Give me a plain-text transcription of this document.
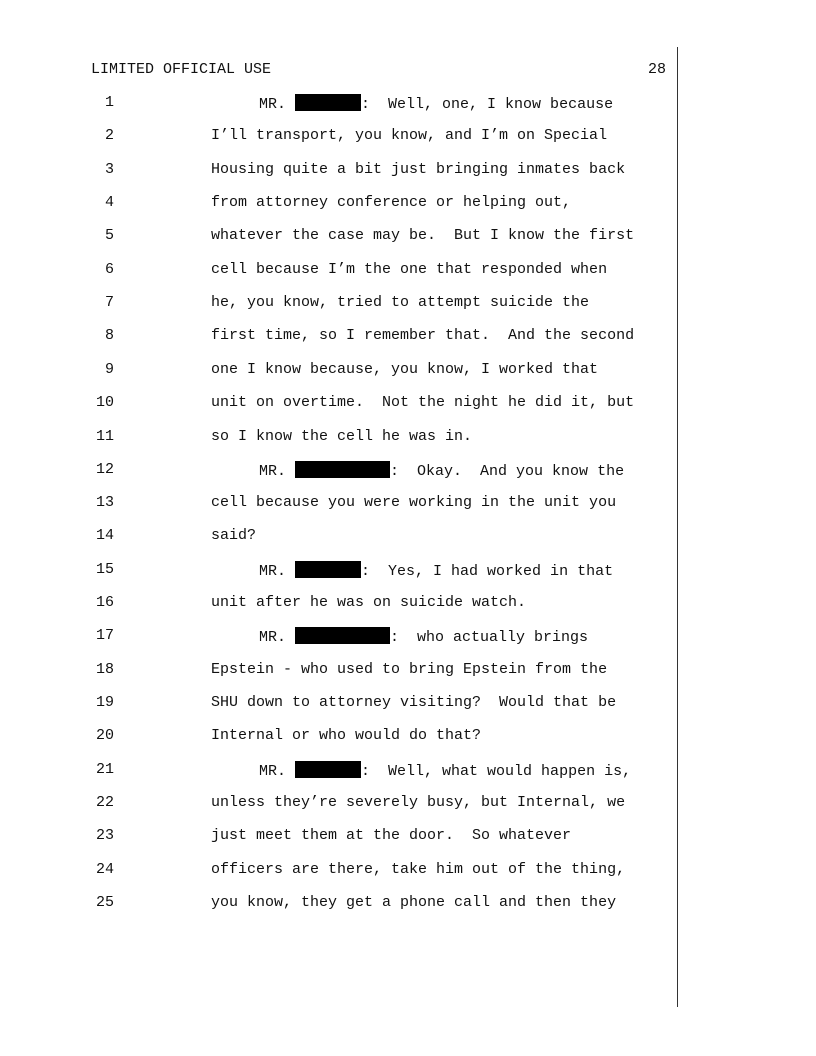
LIMITED OFFICIAL USE	28
1	MR.	:  Well, one, I know because
2	I’ll transport, you know, and I’m on Special
3	Housing quite a bit just bringing inmates back
4	from attorney conference or helping out,
5	whatever the case may be.  But I know the first
6	cell because I’m the one that responded when
7	he, you know, tried to attempt suicide the
8	first time, so I remember that.  And the second
9	one I know because, you know, I worked that
10	unit on overtime.  Not the night he did it, but
11	so I know the cell he was in.
12	MR.	:  Okay.  And you know the
13	cell because you were working in the unit you
14	said?
15	MR.	:  Yes, I had worked in that
16	unit after he was on suicide watch.
17	MR.	:  who actually brings
18	Epstein - who used to bring Epstein from the
19	SHU down to attorney visiting?  Would that be
20	Internal or who would do that?
21	MR.	:  Well, what would happen is,
22	unless they’re severely busy, but Internal, we
23	just meet them at the door.  So whatever
24	officers are there, take him out of the thing,
25	you know, they get a phone call and then they
